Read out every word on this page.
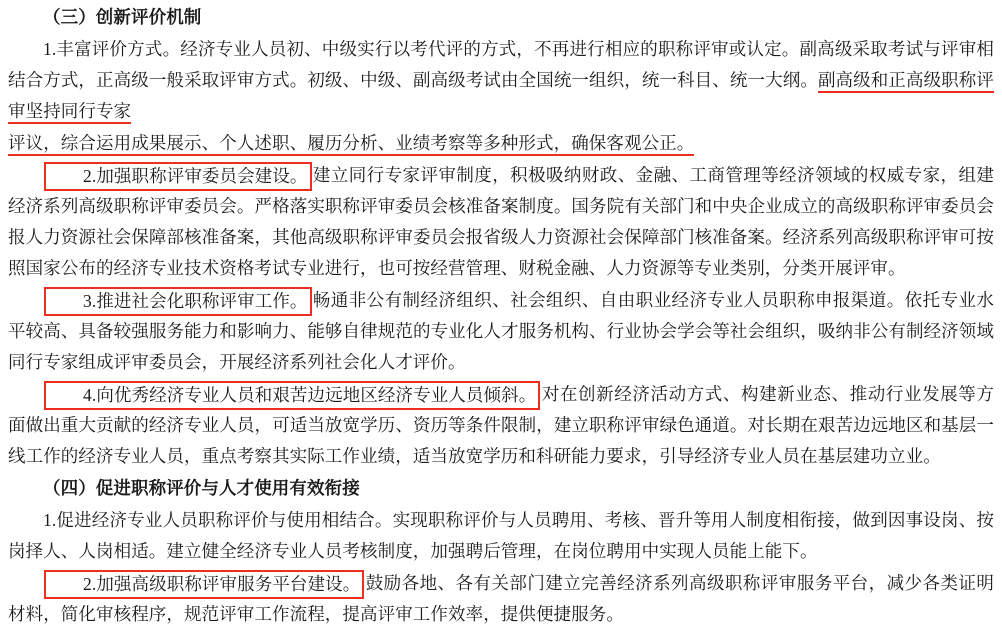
（三）创新评价机制

1.丰富评价方式。经济专业人员初、中级实行以考代评的方式，不再进行相应的职称评审或认定。副高级采取考试与评审相结合方式，正高级一般采取评审方式。初级、中级、副高级考试由全国统一组织，统一科目、统一大纲。副高级和正高级职称评审坚持同行专家

评议，综合运用成果展示、个人述职、履历分析、业绩考察等多种形式，确保客观公正。

2.加强职称评审委员会建设。 建立同行专家评审制度，积极吸纳财政、金融、工商管理等经济领域的权威专家，组建经济系列高级职称评审委员会。严格落实职称评审委员会核准备案制度。国务院有关部门和中央企业成立的高级职称评审委员会报人力资源社会保障部核准备案，其他高级职称评审委员会报省级人力资源社会保障部门核准备案。经济系列高级职称评审可按照国家公布的经济专业技术资格考试专业进行，也可按经营管理、财税金融、人力资源等专业类别，分类开展评审。

3.推进社会化职称评审工作。 畅通非公有制经济组织、社会组织、自由职业经济专业人员职称申报渠道。依托专业水平较高、具备较强服务能力和影响力、能够自律规范的专业化人才服务机构、行业协会学会等社会组织，吸纳非公有制经济领域同行专家组成评审委员会，开展经济系列社会化人才评价。

4.向优秀经济专业人员和艰苦边远地区经济专业人员倾斜。 对在创新经济活动方式、构建新业态、推动行业发展等方面做出重大贡献的经济专业人员，可适当放宽学历、资历等条件限制，建立职称评审绿色通道。对长期在艰苦边远地区和基层一线工作的经济专业人员，重点考察其实际工作业绩，适当放宽学历和科研能力要求，引导经济专业人员在基层建功立业。

（四）促进职称评价与人才使用有效衔接

1.促进经济专业人员职称评价与使用相结合。实现职称评价与人员聘用、考核、晋升等用人制度相衔接，做到因事设岗、按岗择人、人岗相适。建立健全经济专业人员考核制度，加强聘后管理，在岗位聘用中实现人员能上能下。

2.加强高级职称评审服务平台建设。 鼓励各地、各有关部门建立完善经济系列高级职称评审服务平台，减少各类证明材料，简化审核程序，规范评审工作流程，提高评审工作效率，提供便捷服务。
